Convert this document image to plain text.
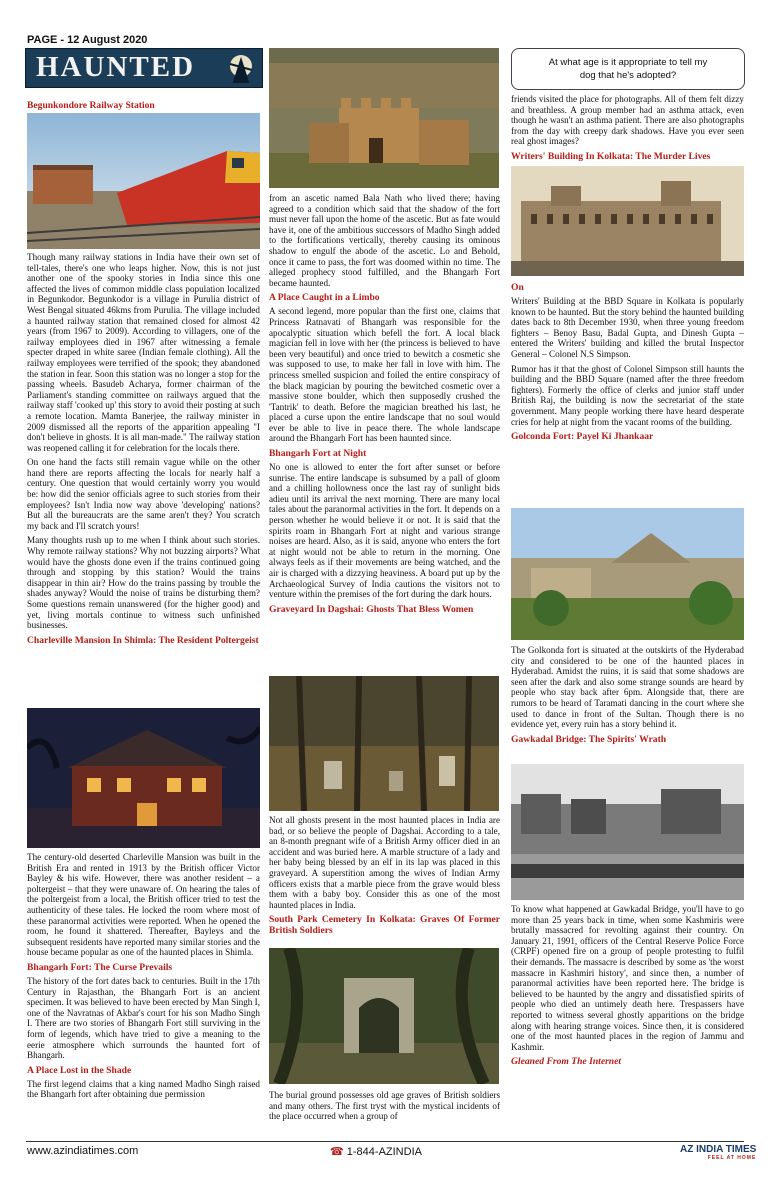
PAGE - 12 August 2020
HAUNTED	At what age is it appropriate to tell my dog that he's adopted?
Begunkondore Railway Station

Though many railway stations in India have their own set of tell-tales, there's one who leaps higher. Now, this is not just another one of the spooky stories in India since this one affected the lives of common middle class population localized in Begunkodor. Begunkodor is a village in Purulia district of West Bengal situated 46kms from Purulia. The village included a haunted railway station that remained closed for almost 42 years (from 1967 to 2009). According to villagers, one of the railway employees died in 1967 after witnessing a female specter draped in white saree (Indian female clothing). All the railway employees were terrified of the spook; they abandoned the station in fear. Soon this station was no longer a stop for the passing wheels. Basudeb Acharya, former chairman of the Parliament's standing committee on railways argued that the railway staff 'cooked up' this story to avoid their posting at such a remote location. Mamta Banerjee, the railway minister in 2009 dismissed all the reports of the apparition appealing "I don't believe in ghosts. It is all man-made." The railway station was reopened calling it for celebration for the locals there.

On one hand the facts still remain vague while on the other hand there are reports affecting the locals for nearly half a century. One question that would certainly worry you would be: how did the senior officials agree to such stories from their employees? Isn't India now way above 'developing' nations? But all the bureaucrats are the same aren't they? You scratch my back and I'll scratch yours!

Many thoughts rush up to me when I think about such stories. Why remote railway stations? Why not buzzing airports? What would have the ghosts done even if the trains continued going through and stopping by this station? Would the trains disappear in thin air? How do the trains passing by trouble the shades anyway? Would the noise of trains be disturbing them? Some questions remain unanswered (for the higher good) and yet, living mortals continue to witness such unfinished businesses.

Charleville Mansion In Shimla: The Resident Poltergeist

The century-old deserted Charleville Mansion was built in the British Era and rented in 1913 by the British officer Victor Bayley & his wife. However, there was another resident – a poltergeist – that they were unaware of. On hearing the tales of the poltergeist from a local, the British officer tried to test the authenticity of these tales. He locked the room where most of these paranormal activities were reported. When he opened the room, he found it shattered. Thereafter, Bayleys and the subsequent residents have reported many similar stories and the house became popular as one of the haunted places in Shimla.

Bhangarh Fort: The Curse Prevails

The history of the fort dates back to centuries. Built in the 17th Century in Rajasthan, the Bhangarh Fort is an ancient specimen. It was believed to have been erected by Man Singh I, one of the Navratnas of Akbar's court for his son Madho Singh I. There are two stories of Bhangarh Fort still surviving in the form of legends, which have tried to give a meaning to the eerie atmosphere which surrounds the haunted fort of Bhangarh.

A Place Lost in the Shade

The first legend claims that a king named Madho Singh raised the Bhangarh fort after obtaining due permission

from an ascetic named Bala Nath who lived there; having agreed to a condition which said that the shadow of the fort must never fall upon the home of the ascetic. But as fate would have it, one of the ambitious successors of Madho Singh added to the fortifications vertically, thereby causing its ominous shadow to engulf the abode of the ascetic. Lo and Behold, once it came to pass, the fort was doomed within no time. The alleged prophecy stood fulfilled, and the Bhangarh Fort became haunted.

A Place Caught in a Limbo

A second legend, more popular than the first one, claims that Princess Ratnavati of Bhangarh was responsible for the apocalyptic situation which befell the fort. A local black magician fell in love with her (the princess is believed to have been very beautiful) and once tried to bewitch a cosmetic she was supposed to use, to make her fall in love with him. The princess smelled suspicion and foiled the entire conspiracy of the black magician by pouring the bewitched cosmetic over a massive stone boulder, which then supposedly crushed the 'Tantrik' to death. Before the magician breathed his last, he placed a curse upon the entire landscape that no soul would ever be able to live in peace there. The whole landscape around the Bhangarh Fort has been haunted since.

Bhangarh Fort at Night

No one is allowed to enter the fort after sunset or before sunrise. The entire landscape is subsumed by a pall of gloom and a chilling hollowness once the last ray of sunlight bids adieu until its arrival the next morning. There are many local tales about the paranormal activities in the fort. It depends on a person whether he would believe it or not. It is said that the spirits roam in Bhangarh Fort at night and various strange noises are heard. Also, as it is said, anyone who enters the fort at night would not be able to return in the morning. One always feels as if their movements are being watched, and the air is charged with a dizzying heaviness. A board put up by the Archaeological Survey of India cautions the visitors not to venture within the premises of the fort during the dark hours.

Graveyard In Dagshai: Ghosts That Bless Women

Not all ghosts present in the most haunted places in India are bad, or so believe the people of Dagshai. According to a tale, an 8-month pregnant wife of a British Army officer died in an accident and was buried here. A marble structure of a lady and her baby being blessed by an elf in its lap was placed in this graveyard. A superstition among the wives of Indian Army officers exists that a marble piece from the grave would bless them with a baby boy. Consider this as one of the most haunted places in India.

South Park Cemetery In Kolkata: Graves Of Former British Soldiers

The burial ground possesses old age graves of British soldiers and many others. The first tryst with the mystical incidents of the place occurred when a group of

friends visited the place for photographs. All of them felt dizzy and breathless. A group member had an asthma attack, even though he wasn't an asthma patient. There are also photographs from the day with creepy dark shadows. Have you ever seen real ghost images?

Writers' Building In Kolkata: The Murder Lives
On

Writers' Building at the BBD Square in Kolkata is popularly known to be haunted. But the story behind the haunted building dates back to 8th December 1930, when three young freedom fighters – Benoy Basu, Badal Gupta, and Dinesh Gupta – entered the Writers' building and killed the brutal Inspector General – Colonel N.S Simpson.

Rumor has it that the ghost of Colonel Simpson still haunts the building and the BBD Square (named after the three freedom fighters). Formerly the office of clerks and junior staff under British Raj, the building is now the secretariat of the state government. Many people working there have heard desperate cries for help at night from the vacant rooms of the building.

Golconda Fort: Payel Ki Jhankaar

The Golkonda fort is situated at the outskirts of the Hyderabad city and considered to be one of the haunted places in Hyderabad. Amidst the ruins, it is said that some shadows are seen after the dark and also some strange sounds are heard by people who stay back after 6pm. Alongside that, there are rumors to be heard of Taramati dancing in the court where she used to dance in front of the Sultan. Though there is no evidence yet, every ruin has a story behind it.

Gawkadal Bridge: The Spirits' Wrath

To know what happened at Gawkadal Bridge, you'll have to go more than 25 years back in time, when some Kashmiris were brutally massacred for revolting against their country. On January 21, 1991, officers of the Central Reserve Police Force (CRPF) opened fire on a group of people protesting to fulfil their demands. The massacre is described by some as 'the worst massacre in Kashmiri history', and since then, a number of paranormal activities have been reported here. The bridge is believed to be haunted by the angry and dissatisfied spirits of people who died an untimely death here. Trespassers have reported to witness several ghostly apparitions on the bridge along with hearing strange voices. Since then, it is considered one of the most haunted places in the region of Jammu and Kashmir.

Gleaned From The Internet
www.azindiatimes.com	☎ 1-844-AZINDIA	AZ INDIA TIMES
FEEL AT HOME
